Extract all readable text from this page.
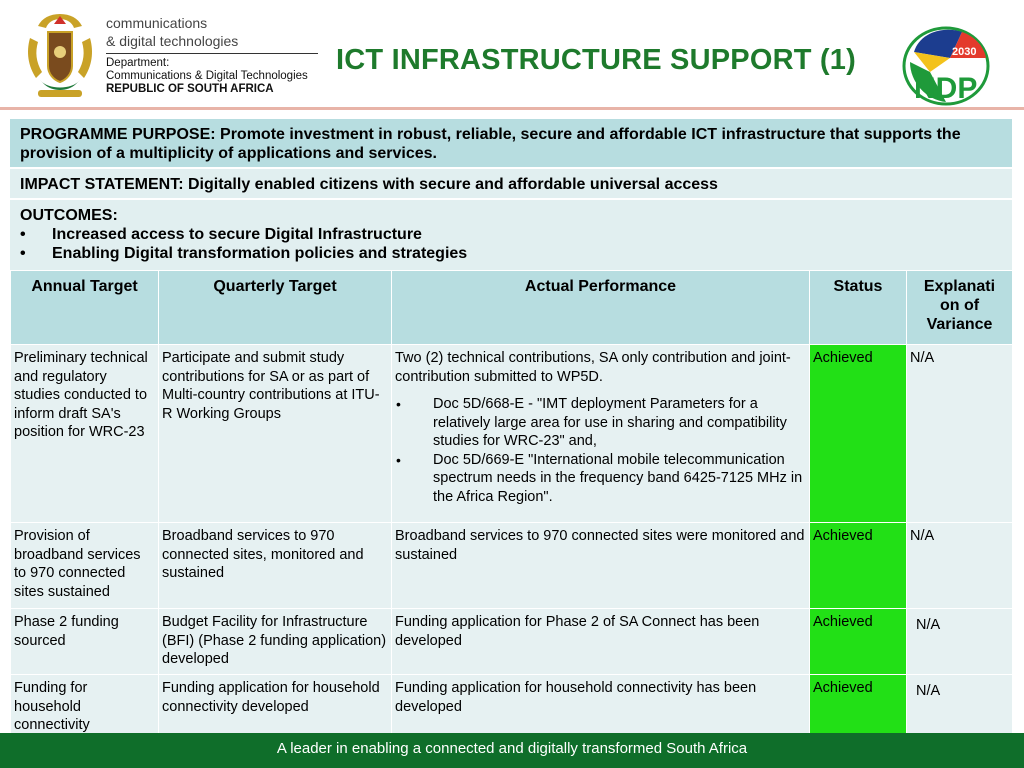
communications
& digital technologies
Department:
Communications & Digital Technologies
REPUBLIC OF SOUTH AFRICA
ICT INFRASTRUCTURE SUPPORT (1)	2030
NDP
PROGRAMME PURPOSE: Promote investment in robust, reliable, secure and affordable ICT infrastructure that supports the provision of a multiplicity of applications and services.
IMPACT STATEMENT: Digitally enabled citizens with secure and affordable universal access
OUTCOMES:
•	Increased access to secure Digital Infrastructure
•	Enabling Digital transformation policies and strategies
Annual Target	Quarterly Target	Actual Performance	Status	Explanati on of Variance
Preliminary technical and regulatory studies conducted to inform draft SA's position for WRC-23	Participate and submit study contributions for SA or as part of Multi-country contributions at ITU-R Working Groups	Two (2) technical contributions, SA only contribution and joint-contribution submitted to WP5D.
• Doc 5D/668-E - "IMT deployment Parameters for a relatively large area for use in sharing and compatibility studies for WRC-23" and,
• Doc 5D/669-E "International mobile telecommunication spectrum needs in the frequency band 6425-7125 MHz in the Africa Region".	Achieved	N/A
Provision of broadband services to 970 connected sites sustained	Broadband services to 970 connected sites, monitored and sustained	Broadband services to 970 connected sites were monitored and sustained	Achieved	N/A
Phase 2 funding sourced	Budget Facility for Infrastructure (BFI) (Phase 2 funding application) developed	Funding application for Phase 2 of SA Connect has been developed	Achieved	N/A
Funding for household connectivity	Funding application for household connectivity developed	Funding application for household connectivity has been developed	Achieved	N/A
A leader in enabling a connected and digitally transformed South Africa
